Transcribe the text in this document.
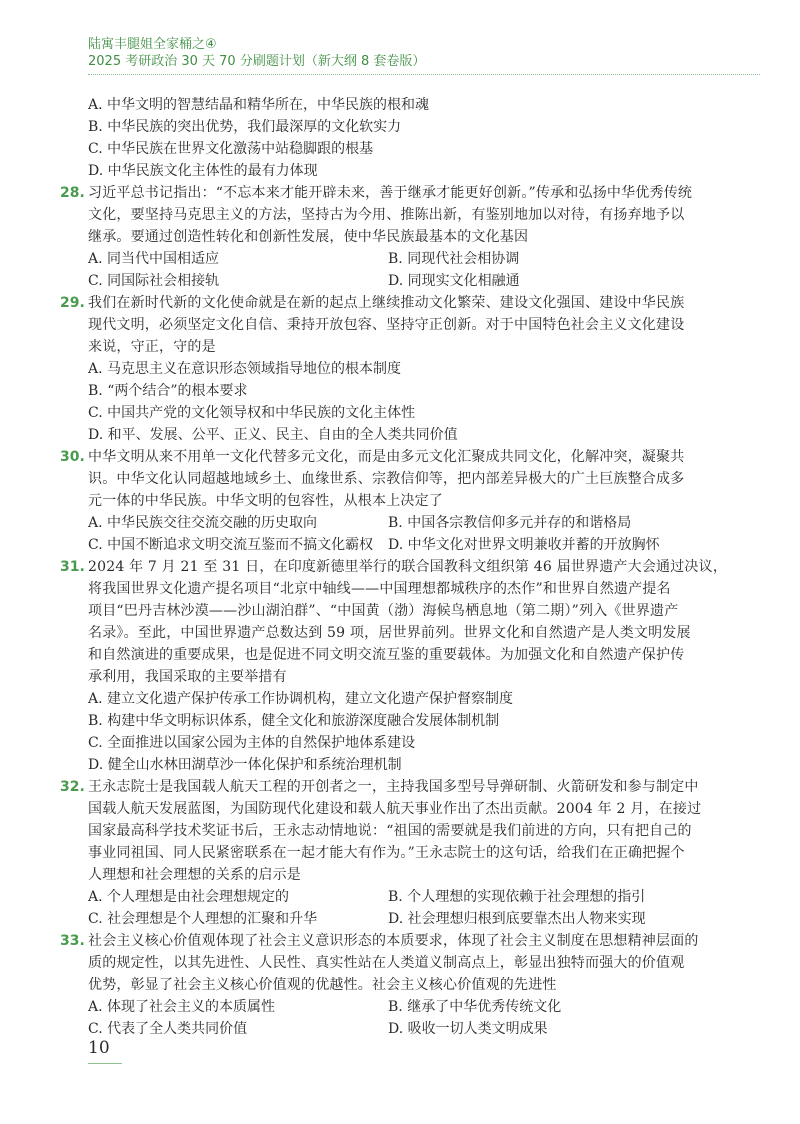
陆寓丰腿姐全家桶之④
2025 考研政治 30 天 70 分刷题计划（新大纲 8 套卷版）
A. 中华文明的智慧结晶和精华所在，中华民族的根和魂
B. 中华民族的突出优势，我们最深厚的文化软实力
C. 中华民族在世界文化激荡中站稳脚跟的根基
D. 中华民族文化主体性的最有力体现
28. 习近平总书记指出：“不忘本来才能开辟未来，善于继承才能更好创新。”传承和弘扬中华优秀传统
文化，要坚持马克思主义的方法，坚持古为今用、推陈出新，有鉴别地加以对待，有扬弃地予以
继承。要通过创造性转化和创新性发展，使中华民族最基本的文化基因
A. 同当代中国相适应	B. 同现代社会相协调
C. 同国际社会相接轨	D. 同现实文化相融通
29. 我们在新时代新的文化使命就是在新的起点上继续推动文化繁荣、建设文化强国、建设中华民族
现代文明，必须坚定文化自信、秉持开放包容、坚持守正创新。对于中国特色社会主义文化建设
来说，守正，守的是
A. 马克思主义在意识形态领域指导地位的根本制度
B. “两个结合”的根本要求
C. 中国共产党的文化领导权和中华民族的文化主体性
D. 和平、发展、公平、正义、民主、自由的全人类共同价值
30. 中华文明从来不用单一文化代替多元文化，而是由多元文化汇聚成共同文化，化解冲突，凝聚共
识。中华文化认同超越地域乡土、血缘世系、宗教信仰等，把内部差异极大的广土巨族整合成多
元一体的中华民族。中华文明的包容性，从根本上决定了
A. 中华民族交往交流交融的历史取向	B. 中国各宗教信仰多元并存的和谐格局
C. 中国不断追求文明交流互鉴而不搞文化霸权	D. 中华文化对世界文明兼收并蓄的开放胸怀
31. 2024 年 7 月 21 至 31 日，在印度新德里举行的联合国教科文组织第 46 届世界遗产大会通过决议，
将我国世界文化遗产提名项目“北京中轴线——中国理想都城秩序的杰作”和世界自然遗产提名
项目“巴丹吉林沙漠——沙山湖泊群”、“中国黄（渤）海候鸟栖息地（第二期）”列入《世界遗产
名录》。至此，中国世界遗产总数达到 59 项，居世界前列。世界文化和自然遗产是人类文明发展
和自然演进的重要成果，也是促进不同文明交流互鉴的重要载体。为加强文化和自然遗产保护传
承利用，我国采取的主要举措有
A. 建立文化遗产保护传承工作协调机构，建立文化遗产保护督察制度
B. 构建中华文明标识体系，健全文化和旅游深度融合发展体制机制
C. 全面推进以国家公园为主体的自然保护地体系建设
D. 健全山水林田湖草沙一体化保护和系统治理机制
32. 王永志院士是我国载人航天工程的开创者之一，主持我国多型号导弹研制、火箭研发和参与制定中
国载人航天发展蓝图，为国防现代化建设和载人航天事业作出了杰出贡献。2004 年 2 月，在接过
国家最高科学技术奖证书后，王永志动情地说：“祖国的需要就是我们前进的方向，只有把自己的
事业同祖国、同人民紧密联系在一起才能大有作为。”王永志院士的这句话，给我们在正确把握个
人理想和社会理想的关系的启示是
A. 个人理想是由社会理想规定的	B. 个人理想的实现依赖于社会理想的指引
C. 社会理想是个人理想的汇聚和升华	D. 社会理想归根到底要靠杰出人物来实现
33. 社会主义核心价值观体现了社会主义意识形态的本质要求，体现了社会主义制度在思想精神层面的
质的规定性，以其先进性、人民性、真实性站在人类道义制高点上，彰显出独特而强大的价值观
优势，彰显了社会主义核心价值观的优越性。社会主义核心价值观的先进性
A. 体现了社会主义的本质属性	B. 继承了中华优秀传统文化
C. 代表了全人类共同价值	D. 吸收一切人类文明成果
10
